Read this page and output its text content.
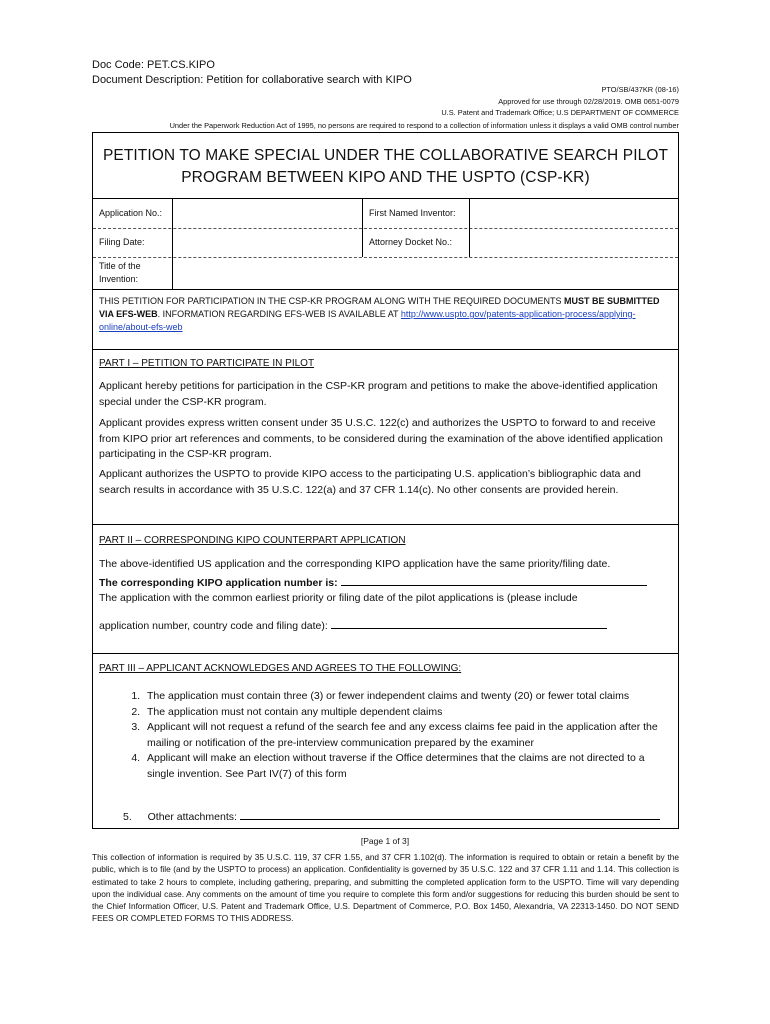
Doc Code: PET.CS.KIPO
Document Description: Petition for collaborative search with KIPO
PTO/SB/437KR (08-16)
Approved for use through 02/28/2019. OMB 0651-0079
U.S. Patent and Trademark Office; U.S DEPARTMENT OF COMMERCE
Under the Paperwork Reduction Act of 1995, no persons are required to respond to a collection of information unless it displays a valid OMB control number
PETITION TO MAKE SPECIAL UNDER THE COLLABORATIVE SEARCH PILOT PROGRAM BETWEEN KIPO AND THE USPTO (CSP-KR)
Application No.:	First Named Inventor:
Filing Date:	Attorney Docket No.:
Title of the Invention:
THIS PETITION FOR PARTICIPATION IN THE CSP-KR PROGRAM ALONG WITH THE REQUIRED DOCUMENTS MUST BE SUBMITTED VIA EFS-WEB. INFORMATION REGARDING EFS-WEB IS AVAILABLE AT http://www.uspto.gov/patents-application-process/applying-online/about-efs-web
PART I – PETITION TO PARTICIPATE IN PILOT
Applicant hereby petitions for participation in the CSP-KR program and petitions to make the above-identified application special under the CSP-KR program.
Applicant provides express written consent under 35 U.S.C. 122(c) and authorizes the USPTO to forward to and receive from KIPO prior art references and comments, to be considered during the examination of the above identified application participating in the CSP-KR program.
Applicant authorizes the USPTO to provide KIPO access to the participating U.S. application’s bibliographic data and search results in accordance with 35 U.S.C. 122(a) and 37 CFR 1.14(c). No other consents are provided herein.
PART II – CORRESPONDING KIPO COUNTERPART APPLICATION
The above-identified US application and the corresponding KIPO application have the same priority/filing date.
The corresponding KIPO application number is:
The application with the common earliest priority or filing date of the pilot applications is (please include
application number, country code and filing date):
PART III – APPLICANT ACKNOWLEDGES AND AGREES TO THE FOLLOWING:
1. The application must contain three (3) or fewer independent claims and twenty (20) or fewer total claims
2. The application must not contain any multiple dependent claims
3. Applicant will not request a refund of the search fee and any excess claims fee paid in the application after the mailing or notification of the pre-interview communication prepared by the examiner
4. Applicant will make an election without traverse if the Office determines that the claims are not directed to a single invention. See Part IV(7) of this form
5. Other attachments:
[Page 1 of 3]
This collection of information is required by 35 U.S.C. 119, 37 CFR 1.55, and 37 CFR 1.102(d). The information is required to obtain or retain a benefit by the public, which is to file (and by the USPTO to process) an application. Confidentiality is governed by 35 U.S.C. 122 and 37 CFR 1.11 and 1.14. This collection is estimated to take 2 hours to complete, including gathering, preparing, and submitting the completed application form to the USPTO. Time will vary depending upon the individual case. Any comments on the amount of time you require to complete this form and/or suggestions for reducing this burden should be sent to the Chief Information Officer, U.S. Patent and Trademark Office, U.S. Department of Commerce, P.O. Box 1450, Alexandria, VA 22313-1450. DO NOT SEND FEES OR COMPLETED FORMS TO THIS ADDRESS.
